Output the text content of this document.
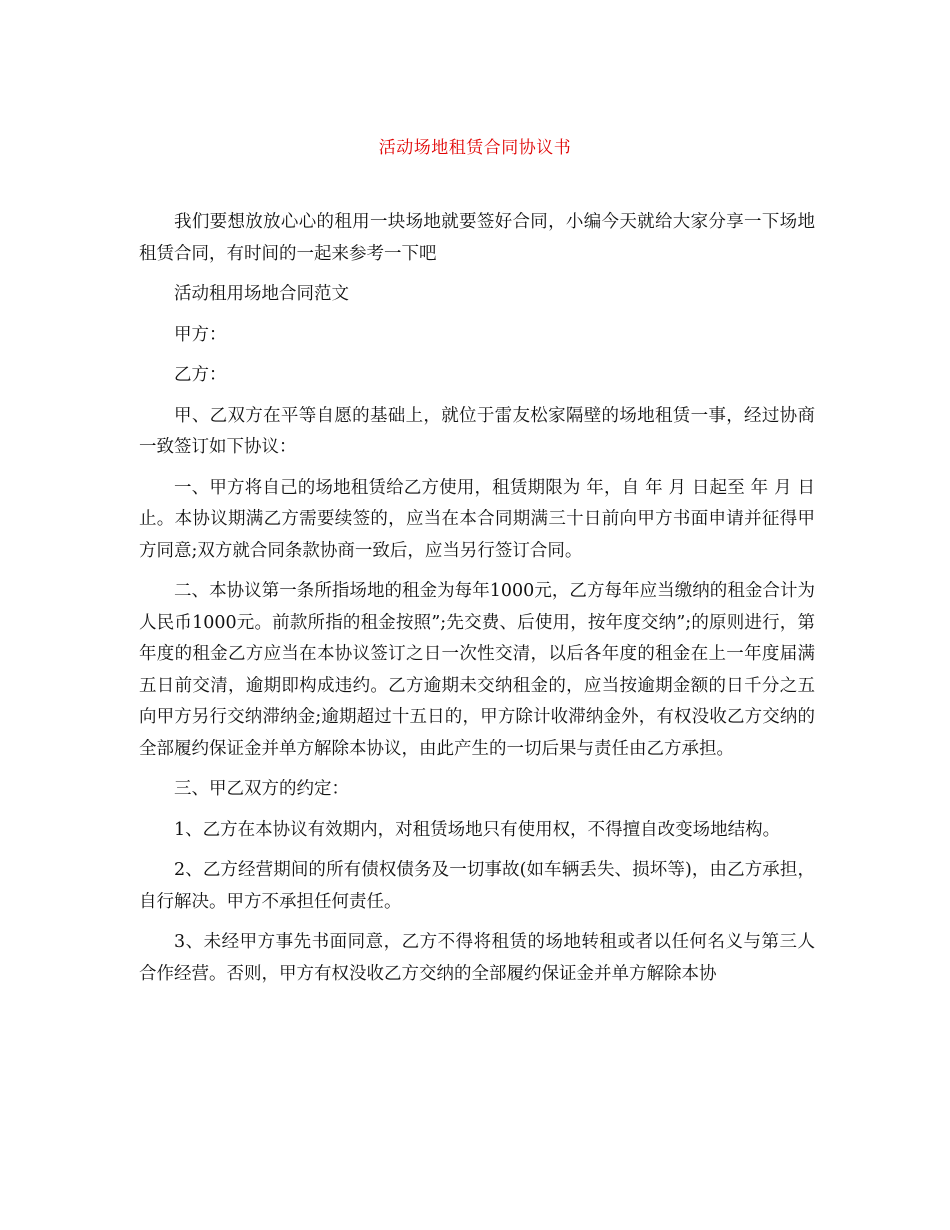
活动场地租赁合同协议书

我们要想放放心心的租用一块场地就要签好合同，小编今天就给大家分享一下场地租赁合同，有时间的一起来参考一下吧

活动租用场地合同范文

甲方：

乙方：

甲、乙双方在平等自愿的基础上，就位于雷友松家隔壁的场地租赁一事，经过协商一致签订如下协议：

一、甲方将自己的场地租赁给乙方使用，租赁期限为 年，自 年 月 日起至 年 月 日止。本协议期满乙方需要续签的，应当在本合同期满三十日前向甲方书面申请并征得甲方同意;双方就合同条款协商一致后，应当另行签订合同。

二、本协议第一条所指场地的租金为每年1000元，乙方每年应当缴纳的租金合计为人民币1000元。前款所指的租金按照”;先交费、后使用，按年度交纳”;的原则进行，第年度的租金乙方应当在本协议签订之日一次性交清，以后各年度的租金在上一年度届满五日前交清，逾期即构成违约。乙方逾期未交纳租金的，应当按逾期金额的日千分之五向甲方另行交纳滞纳金;逾期超过十五日的，甲方除计收滞纳金外，有权没收乙方交纳的全部履约保证金并单方解除本协议，由此产生的一切后果与责任由乙方承担。

三、甲乙双方的约定：

1、乙方在本协议有效期内，对租赁场地只有使用权，不得擅自改变场地结构。

2、乙方经营期间的所有债权债务及一切事故(如车辆丢失、损坏等)，由乙方承担，自行解决。甲方不承担任何责任。

3、未经甲方事先书面同意，乙方不得将租赁的场地转租或者以任何名义与第三人合作经营。否则，甲方有权没收乙方交纳的全部履约保证金并单方解除本协
